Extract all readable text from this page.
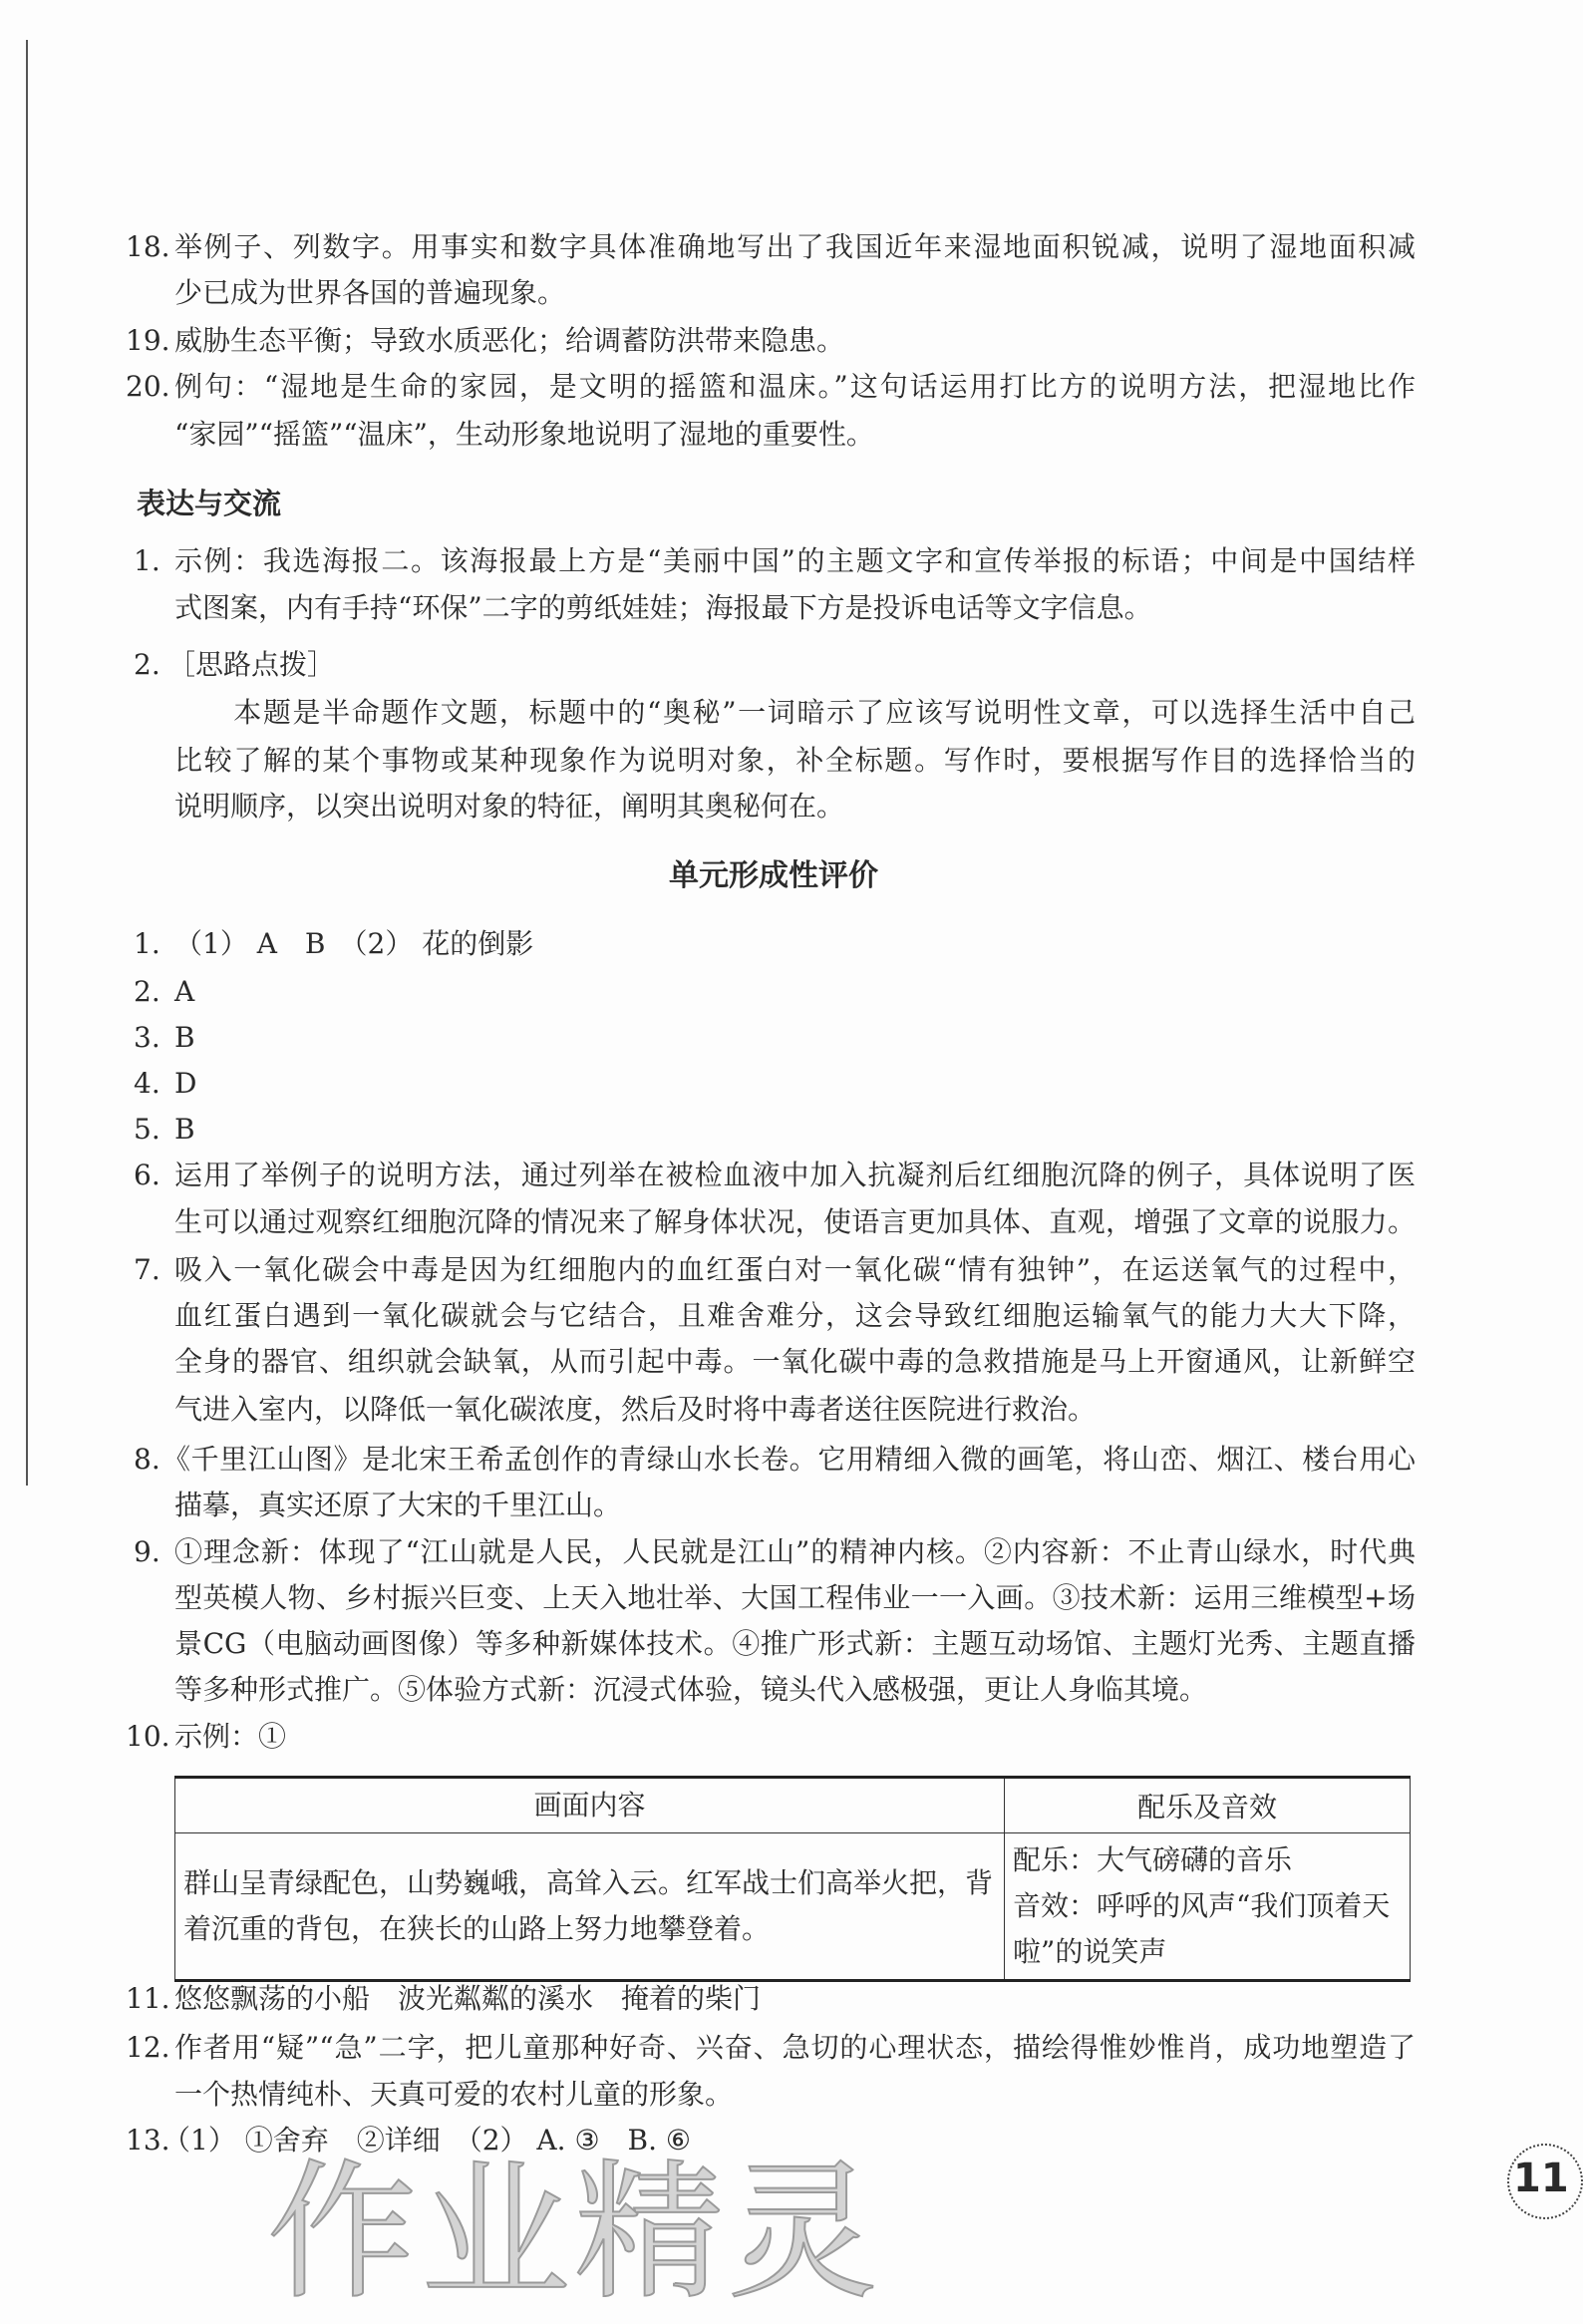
18. 举例子、列数字。用事实和数字具体准确地写出了我国近年来湿地面积锐减，说明了湿地面积减
少已成为世界各国的普遍现象。
19. 威胁生态平衡；导致水质恶化；给调蓄防洪带来隐患。
20. 例句：“湿地是生命的家园，是文明的摇篮和温床。”这句话运用打比方的说明方法，把湿地比作
“家园”“摇篮”“温床”，生动形象地说明了湿地的重要性。
表达与交流
1. 示例：我选海报二。该海报最上方是“美丽中国”的主题文字和宣传举报的标语；中间是中国结样
式图案，内有手持“环保”二字的剪纸娃娃；海报最下方是投诉电话等文字信息。
2. ［思路点拨］
　　本题是半命题作文题，标题中的“奥秘”一词暗示了应该写说明性文章，可以选择生活中自己
比较了解的某个事物或某种现象作为说明对象，补全标题。写作时，要根据写作目的选择恰当的
说明顺序，以突出说明对象的特征，阐明其奥秘何在。
单元形成性评价
1. （1） A　B　（2） 花的倒影
2. A
3. B
4. D
5. B
6. 运用了举例子的说明方法，通过列举在被检血液中加入抗凝剂后红细胞沉降的例子，具体说明了医
生可以通过观察红细胞沉降的情况来了解身体状况，使语言更加具体、直观，增强了文章的说服力。
7. 吸入一氧化碳会中毒是因为红细胞内的血红蛋白对一氧化碳“情有独钟”，在运送氧气的过程中，
血红蛋白遇到一氧化碳就会与它结合，且难舍难分，这会导致红细胞运输氧气的能力大大下降，
全身的器官、组织就会缺氧，从而引起中毒。一氧化碳中毒的急救措施是马上开窗通风，让新鲜空
气进入室内，以降低一氧化碳浓度，然后及时将中毒者送往医院进行救治。
8. 《千里江山图》是北宋王希孟创作的青绿山水长卷。它用精细入微的画笔，将山峦、烟江、楼台用心
描摹，真实还原了大宋的千里江山。
9. ①理念新：体现了“江山就是人民，人民就是江山”的精神内核。②内容新：不止青山绿水，时代典
型英模人物、乡村振兴巨变、上天入地壮举、大国工程伟业一一入画。③技术新：运用三维模型+场
景CG（电脑动画图像）等多种新媒体技术。④推广形式新：主题互动场馆、主题灯光秀、主题直播
等多种形式推广。⑤体验方式新：沉浸式体验，镜头代入感极强，更让人身临其境。
10. 示例：①
画面内容	配乐及音效
群山呈青绿配色，山势巍峨，高耸入云。红军战士们高举火把，背着沉重的背包，在狭长的山路上努力地攀登着。	配乐：大气磅礴的音乐
音效：呼呼的风声“我们顶着天啦”的说笑声
11. 悠悠飘荡的小船　波光粼粼的溪水　掩着的柴门
12. 作者用“疑”“急”二字，把儿童那种好奇、兴奋、急切的心理状态，描绘得惟妙惟肖，成功地塑造了
一个热情纯朴、天真可爱的农村儿童的形象。
13.
（1） ①舍弃　②详细　（2） A. ③　B. ⑥
作业精灵	11
